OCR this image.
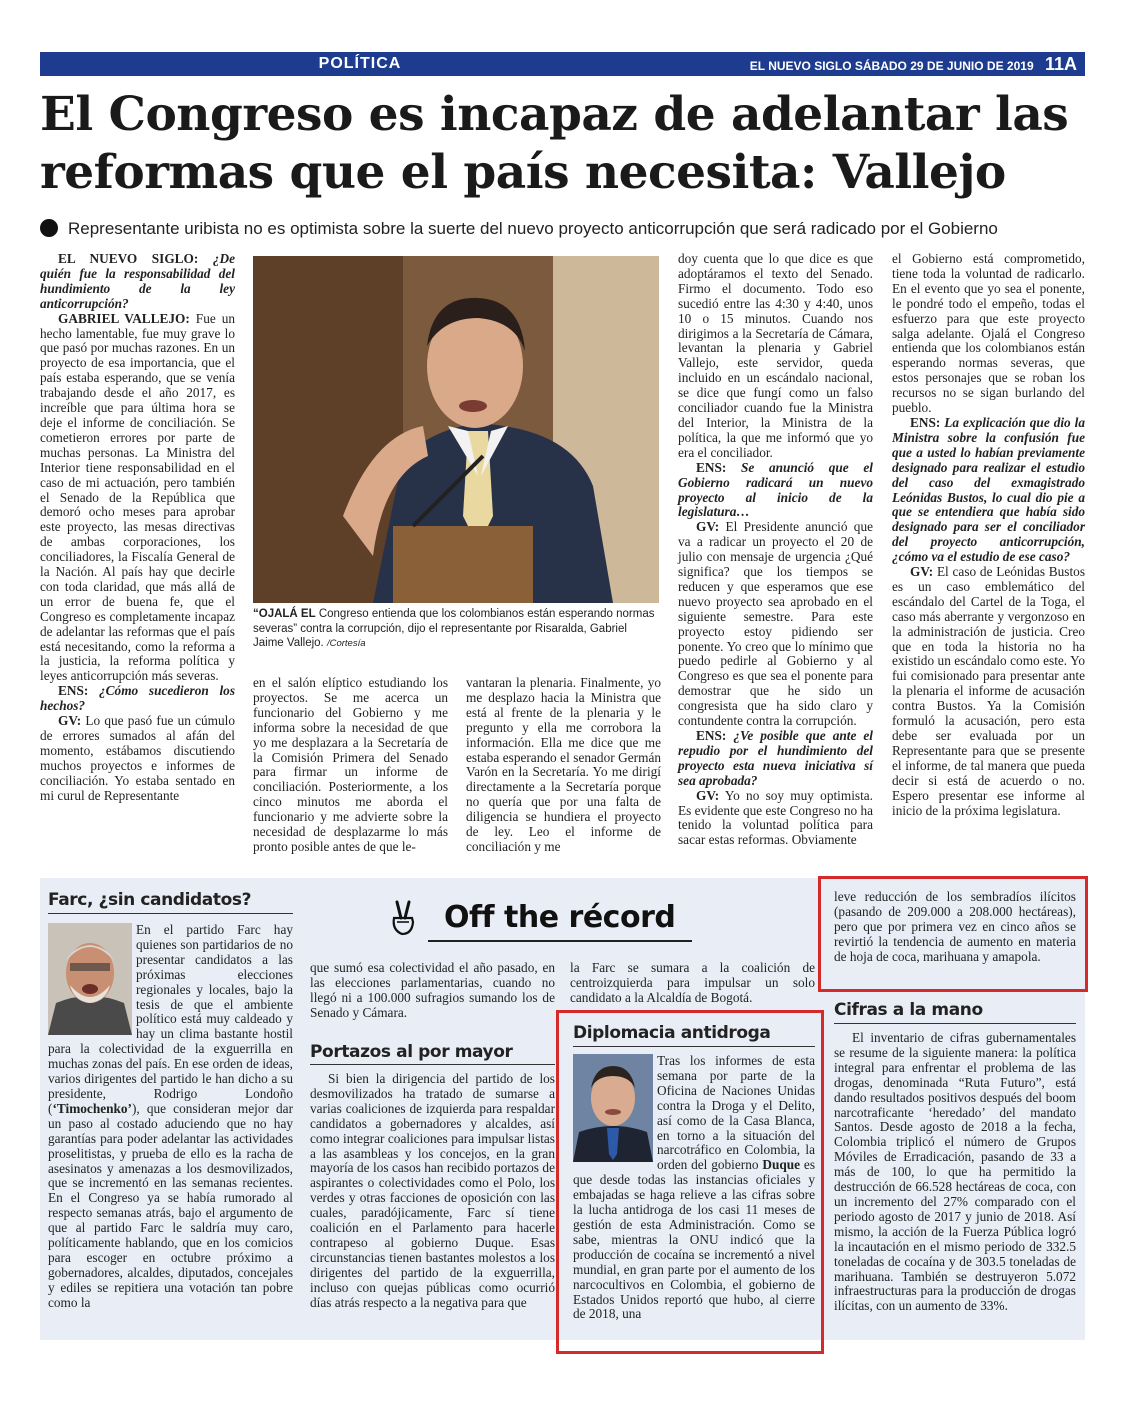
POLÍTICA	EL NUEVO SIGLO SÁBADO 29 DE JUNIO DE 2019 11A
El Congreso es incapaz de adelantar las reformas que el país necesita: Vallejo
Representante uribista no es optimista sobre la suerte del nuevo proyecto anticorrupción que será radicado por el Gobierno

EL NUEVO SIGLO: ¿De quién fue la responsabilidad del hundimiento de la ley anticorrupción?

GABRIEL VALLEJO: Fue un hecho lamentable, fue muy grave lo que pasó por muchas razones. En un proyecto de esa importancia, que el país estaba esperando, que se venía trabajando desde el año 2017, es increíble que para última hora se deje el informe de conciliación. Se cometieron errores por parte de muchas personas. La Ministra del Interior tiene responsabilidad en el caso de mi actuación, pero también el Senado de la República que demoró ocho meses para aprobar este proyecto, las mesas directivas de ambas corporaciones, los conciliadores, la Fiscalía General de la Nación. Al país hay que decirle con toda claridad, que más allá de un error de buena fe, que el Congreso es completamente incapaz de adelantar las reformas que el país está necesitando, como la reforma a la justicia, la reforma política y leyes anticorrupción más severas.

ENS: ¿Cómo sucedieron los hechos?

GV: Lo que pasó fue un cúmulo de errores sumados al afán del momento, estábamos discutiendo muchos proyectos e informes de conciliación. Yo estaba sentado en mi curul de Representante

“OJALÁ EL Congreso entienda que los colombianos están esperando normas severas” contra la corrupción, dijo el representante por Risaralda, Gabriel Jaime Vallejo. /Cortesía

en el salón elíptico estudiando los proyectos. Se me acerca un funcionario del Gobierno y me informa sobre la necesidad de que yo me desplazara a la Secretaría de la Comisión Primera del Senado para firmar un informe de conciliación. Posteriormente, a los cinco minutos me aborda el funcionario y me advierte sobre la necesidad de desplazarme lo más pronto posible antes de que le-

vantaran la plenaria. Finalmente, yo me desplazo hacia la Ministra que está al frente de la plenaria y le pregunto y ella me corrobora la información. Ella me dice que me estaba esperando el senador Germán Varón en la Secretaría. Yo me dirigí directamente a la Secretaría porque no quería que por una falta de diligencia se hundiera el proyecto de ley. Leo el informe de conciliación y me

doy cuenta que lo que dice es que adoptáramos el texto del Senado. Firmo el documento. Todo eso sucedió entre las 4:30 y 4:40, unos 10 o 15 minutos. Cuando nos dirigimos a la Secretaría de Cámara, levantan la plenaria y Gabriel Vallejo, este servidor, queda incluido en un escándalo nacional, se dice que fungí como un falso conciliador cuando fue la Ministra del Interior, la Ministra de la política, la que me informó que yo era el conciliador.

ENS: Se anunció que el Gobierno radicará un nuevo proyecto al inicio de la legislatura…

GV: El Presidente anunció que va a radicar un proyecto el 20 de julio con mensaje de urgencia ¿Qué significa? que los tiempos se reducen y que esperamos que ese nuevo proyecto sea aprobado en el siguiente semestre. Para este proyecto estoy pidiendo ser ponente. Yo creo que lo mínimo que puedo pedirle al Gobierno y al Congreso es que sea el ponente para demostrar que he sido un congresista que ha sido claro y contundente contra la corrupción.

ENS: ¿Ve posible que ante el repudio por el hundimiento del proyecto esta nueva iniciativa sí sea aprobada?

GV: Yo no soy muy optimista. Es evidente que este Congreso no ha tenido la voluntad política para sacar estas reformas. Obviamente

el Gobierno está comprometido, tiene toda la voluntad de radicarlo. En el evento que yo sea el ponente, le pondré todo el empeño, todas el esfuerzo para que este proyecto salga adelante. Ojalá el Congreso entienda que los colombianos están esperando normas severas, que estos personajes que se roban los recursos no se sigan burlando del pueblo.

ENS: La explicación que dio la Ministra sobre la confusión fue que a usted lo habían previamente designado para realizar el estudio del caso del exmagistrado Leónidas Bustos, lo cual dio pie a que se entendiera que había sido designado para ser el conciliador del proyecto anticorrupción, ¿cómo va el estudio de ese caso?

GV: El caso de Leónidas Bustos es un caso emblemático del escándalo del Cartel de la Toga, el caso más aberrante y vergonzoso en la administración de justicia. Creo que en toda la historia no ha existido un escándalo como este. Yo fui comisionado para presentar ante la plenaria el informe de acusación contra Bustos. Ya la Comisión formuló la acusación, pero esta debe ser evaluada por un Representante para que se presente el informe, de tal manera que pueda decir si está de acuerdo o no. Espero presentar ese informe al inicio de la próxima legislatura.

Farc, ¿sin candidatos?

En el partido Farc hay quienes son partidarios de no presentar candidatos a las próximas elecciones regionales y locales, bajo la tesis de que el ambiente político está muy caldeado y hay un clima bastante hostil para la colectividad de la exguerrilla en muchas zonas del país. En ese orden de ideas, varios dirigentes del partido le han dicho a su presidente, Rodrigo Londoño (‘Timochenko’), que consideran mejor dar un paso al costado aduciendo que no hay garantías para poder adelantar las actividades proselitistas, y prueba de ello es la racha de asesinatos y amenazas a los desmovilizados, que se incrementó en las semanas recientes. En el Congreso ya se había rumorado al respecto semanas atrás, bajo el argumento de que al partido Farc le saldría muy caro, políticamente hablando, que en los comicios para escoger en octubre próximo a gobernadores, alcaldes, diputados, concejales y ediles se repitiera una votación tan pobre como la

Off the récord

que sumó esa colectividad el año pasado, en las elecciones parlamentarias, cuando no llegó ni a 100.000 sufragios sumando los de Senado y Cámara.

la Farc se sumara a la coalición de centroizquierda para impulsar un solo candidato a la Alcaldía de Bogotá.

Portazos al por mayor

Si bien la dirigencia del partido de los desmovilizados ha tratado de sumarse a varias coaliciones de izquierda para respaldar candidatos a gobernadores y alcaldes, así como integrar coaliciones para impulsar listas a las asambleas y los concejos, en la gran mayoría de los casos han recibido portazos de aspirantes o colectividades como el Polo, los verdes y otras facciones de oposición con las cuales, paradójicamente, Farc sí tiene coalición en el Parlamento para hacerle contrapeso al gobierno Duque. Esas circunstancias tienen bastantes molestos a los dirigentes del partido de la exguerrilla, incluso con quejas públicas como ocurrió días atrás respecto a la negativa para que

Diplomacia antidroga

Tras los informes de esta semana por parte de la Oficina de Naciones Unidas contra la Droga y el Delito, así como de la Casa Blanca, en torno a la situación del narcotráfico en Colombia, la orden del gobierno Duque es que desde todas las instancias oficiales y embajadas se haga relieve a las cifras sobre la lucha antidroga de los casi 11 meses de gestión de esta Administración. Como se sabe, mientras la ONU indicó que la producción de cocaína se incrementó a nivel mundial, en gran parte por el aumento de los narcocultivos en Colombia, el gobierno de Estados Unidos reportó que hubo, al cierre de 2018, una

leve reducción de los sembradíos ilícitos (pasando de 209.000 a 208.000 hectáreas), pero que por primera vez en cinco años se revirtió la tendencia de aumento en materia de hoja de coca, marihuana y amapola.

Cifras a la mano

El inventario de cifras gubernamentales se resume de la siguiente manera: la política integral para enfrentar el problema de las drogas, denominada “Ruta Futuro”, está dando resultados positivos después del boom narcotraficante ‘heredado’ del mandato Santos. Desde agosto de 2018 a la fecha, Colombia triplicó el número de Grupos Móviles de Erradicación, pasando de 33 a más de 100, lo que ha permitido la destrucción de 66.528 hectáreas de coca, con un incremento del 27% comparado con el periodo agosto de 2017 y junio de 2018. Así mismo, la acción de la Fuerza Pública logró la incautación en el mismo periodo de 332.5 toneladas de cocaína y de 303.5 toneladas de marihuana. También se destruyeron 5.072 infraestructuras para la producción de drogas ilícitas, con un aumento de 33%.
